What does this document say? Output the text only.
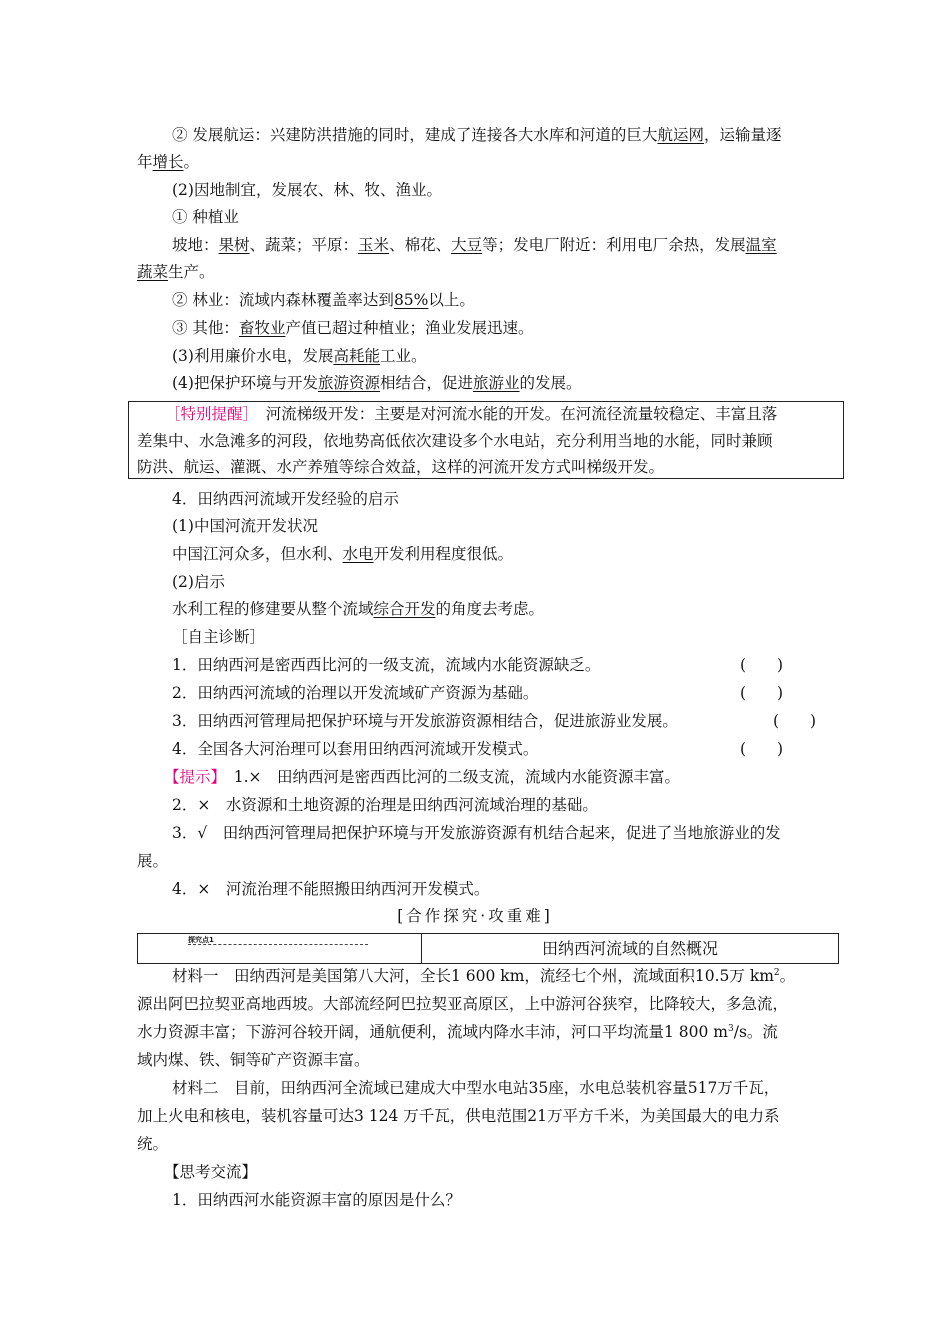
② 发展航运：兴建防洪措施的同时，建成了连接各大水库和河道的巨大航运网，运输量逐
年增长。
(2)因地制宜，发展农、林、牧、渔业。
① 种植业
坡地：果树、蔬菜；平原：玉米、棉花、大豆等；发电厂附近：利用电厂余热，发展温室
蔬菜生产。
② 林业：流域内森林覆盖率达到85%以上。
③ 其他：畜牧业产值已超过种植业；渔业发展迅速。
(3)利用廉价水电，发展高耗能工业。
(4)把保护环境与开发旅游资源相结合，促进旅游业的发展。
［特别提醒］　河流梯级开发：主要是对河流水能的开发。在河流径流量较稳定、丰富且落
差集中、水急滩多的河段，依地势高低依次建设多个水电站，充分利用当地的水能，同时兼顾
防洪、航运、灌溉、水产养殖等综合效益，这样的河流开发方式叫梯级开发。
4．田纳西河流域开发经验的启示
(1)中国河流开发状况
中国江河众多，但水利、水电开发利用程度很低。
(2)启示
水利工程的修建要从整个流域综合开发的角度去考虑。
［自主诊断］
1．田纳西河是密西西比河的一级支流，流域内水能资源缺乏。	(　　)
2．田纳西河流域的治理以开发流域矿产资源为基础。	(　　)
3．田纳西河管理局把保护环境与开发旅游资源相结合，促进旅游业发展。	(　　)
4．全国各大河治理可以套用田纳西河流域开发模式。	(　　)
【提示】　1.×　田纳西河是密西西比河的二级支流，流域内水能资源丰富。
2．×　水资源和土地资源的治理是田纳西河流域治理的基础。
3．√　田纳西河管理局把保护环境与开发旅游资源有机结合起来，促进了当地旅游业的发
展。
4．×　河流治理不能照搬田纳西河开发模式。
[合作探究·攻重难]
探究点1	田纳西河流域的自然概况
材料一　田纳西河是美国第八大河，全长1 600 km，流经七个州，流域面积10.5万 $km^2$。
源出阿巴拉契亚高地西坡。大部流经阿巴拉契亚高原区，上中游河谷狭窄，比降较大，多急流，
水力资源丰富；下游河谷较开阔，通航便利，流域内降水丰沛，河口平均流量1 800 $m^3/s$。流
域内煤、铁、铜等矿产资源丰富。
材料二　目前，田纳西河全流域已建成大中型水电站35座，水电总装机容量517万千瓦，
加上火电和核电，装机容量可达3 124 万千瓦，供电范围21万平方千米，为美国最大的电力系
统。
【思考交流】
1．田纳西河水能资源丰富的原因是什么？
